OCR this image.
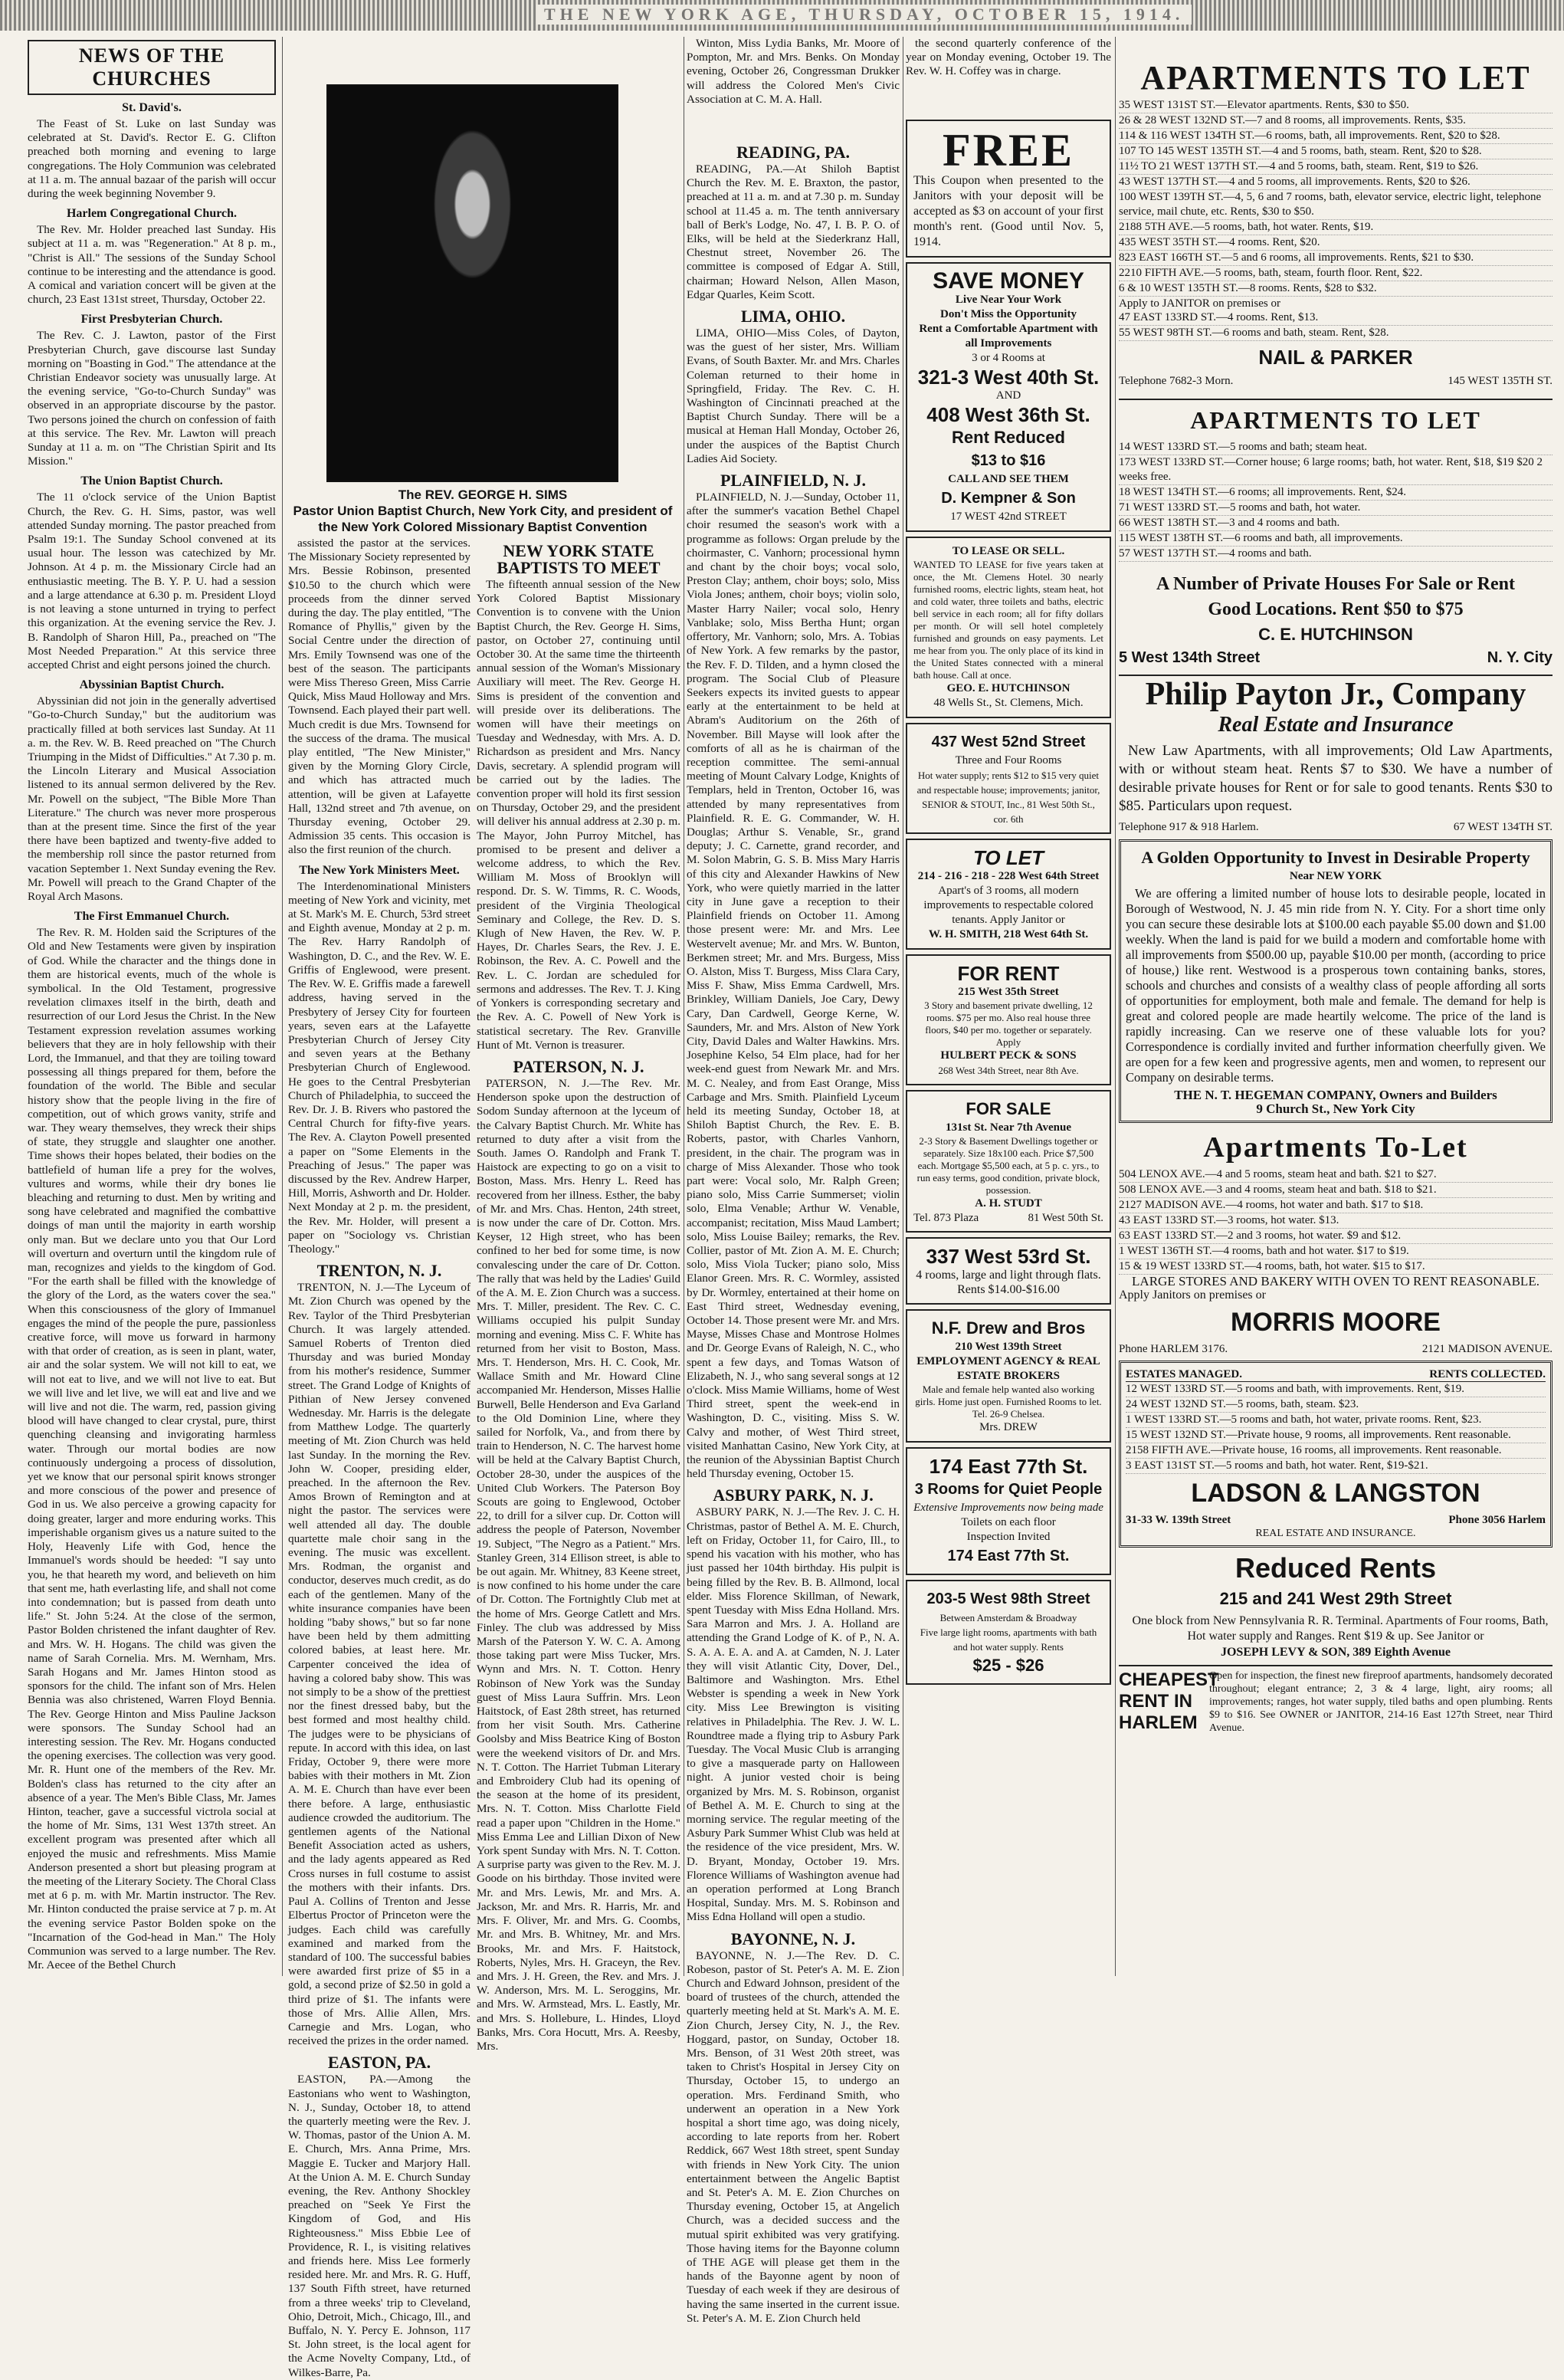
THE NEW YORK AGE, THURSDAY, OCTOBER 15, 1914.
NEWS OF THE CHURCHES
St. David's.

The Feast of St. Luke on last Sunday was celebrated at St. David's. Rector E. G. Clifton preached both morning and evening to large congregations. The Holy Communion was celebrated at 11 a. m. The annual bazaar of the parish will occur during the week beginning November 9.

Harlem Congregational Church.

The Rev. Mr. Holder preached last Sunday. His subject at 11 a. m. was "Regeneration." At 8 p. m., "Christ is All." The sessions of the Sunday School continue to be interesting and the attendance is good. A comical and variation concert will be given at the church, 23 East 131st street, Thursday, October 22.

First Presbyterian Church.

The Rev. C. J. Lawton, pastor of the First Presbyterian Church, gave discourse last Sunday morning on "Boasting in God." The attendance at the Christian Endeavor society was unusually large. At the evening service, "Go-to-Church Sunday" was observed in an appropriate discourse by the pastor. Two persons joined the church on confession of faith at this service. The Rev. Mr. Lawton will preach Sunday at 11 a. m. on "The Christian Spirit and Its Mission."

The Union Baptist Church.

The 11 o'clock service of the Union Baptist Church, the Rev. G. H. Sims, pastor, was well attended Sunday morning. The pastor preached from Psalm 19:1. The Sunday School convened at its usual hour. The lesson was catechized by Mr. Johnson. At 4 p. m. the Missionary Circle had an enthusiastic meeting. The B. Y. P. U. had a session and a large attendance at 6.30 p. m. President Lloyd is not leaving a stone unturned in trying to perfect this organization. At the evening service the Rev. J. B. Randolph of Sharon Hill, Pa., preached on "The Most Needed Preparation." At this service three accepted Christ and eight persons joined the church.

Abyssinian Baptist Church.

Abyssinian did not join in the generally advertised "Go-to-Church Sunday," but the auditorium was practically filled at both services last Sunday. At 11 a. m. the Rev. W. B. Reed preached on "The Church Triumping in the Midst of Difficulties." At 7.30 p. m. the Lincoln Literary and Musical Association listened to its annual sermon delivered by the Rev. Mr. Powell on the subject, "The Bible More Than Literature." The church was never more prosperous than at the present time. Since the first of the year there have been baptized and twenty-five added to the membership roll since the pastor returned from vacation September 1. Next Sunday evening the Rev. Mr. Powell will preach to the Grand Chapter of the Royal Arch Masons.

The First Emmanuel Church.

The Rev. R. M. Holden said the Scriptures of the Old and New Testaments were given by inspiration of God. While the character and the things done in them are historical events, much of the whole is symbolical. In the Old Testament, progressive revelation climaxes itself in the birth, death and resurrection of our Lord Jesus the Christ. In the New Testament expression revelation assumes working believers that they are in holy fellowship with their Lord, the Immanuel, and that they are toiling toward possessing all things prepared for them, before the foundation of the world. The Bible and secular history show that the people living in the fire of competition, out of which grows vanity, strife and war. They weary themselves, they wreck their ships of state, they struggle and slaughter one another. Time shows their hopes belated, their bodies on the battlefield of human life a prey for the wolves, vultures and worms, while their dry bones lie bleaching and returning to dust. Men by writing and song have celebrated and magnified the combattive doings of man until the majority in earth worship only man. But we declare unto you that Our Lord will overturn and overturn until the kingdom rule of man, recognizes and yields to the kingdom of God. "For the earth shall be filled with the knowledge of the glory of the Lord, as the waters cover the sea." When this consciousness of the glory of Immanuel engages the mind of the people the pure, passionless creative force, will move us forward in harmony with that order of creation, as is seen in plant, water, air and the solar system. We will not kill to eat, we will not eat to live, and we will not live to eat. But we will live and let live, we will eat and live and we will live and not die. The warm, red, passion giving blood will have changed to clear crystal, pure, thirst quenching cleansing and invigorating harmless water. Through our mortal bodies are now continuously undergoing a process of dissolution, yet we know that our personal spirit knows stronger and more conscious of the power and presence of God in us. We also perceive a growing capacity for doing greater, larger and more enduring works. This imperishable organism gives us a nature suited to the Holy, Heavenly Life with God, hence the Immanuel's words should be heeded: "I say unto you, he that heareth my word, and believeth on him that sent me, hath everlasting life, and shall not come into condemnation; but is passed from death unto life." St. John 5:24. At the close of the sermon, Pastor Bolden christened the infant daughter of Rev. and Mrs. W. H. Hogans. The child was given the name of Sarah Cornelia. Mrs. M. Wernham, Mrs. Sarah Hogans and Mr. James Hinton stood as sponsors for the child. The infant son of Mrs. Helen Bennia was also christened, Warren Floyd Bennia. The Rev. George Hinton and Miss Pauline Jackson were sponsors. The Sunday School had an interesting session. The Rev. Mr. Hogans conducted the opening exercises. The collection was very good. Mr. R. Hunt one of the members of the Rev. Mr. Bolden's class has returned to the city after an absence of a year. The Men's Bible Class, Mr. James Hinton, teacher, gave a successful victrola social at the home of Mr. Sims, 131 West 137th street. An excellent program was presented after which all enjoyed the music and refreshments. Miss Mamie Anderson presented a short but pleasing program at the meeting of the Literary Society. The Choral Class met at 6 p. m. with Mr. Martin instructor. The Rev. Mr. Hinton conducted the praise service at 7 p. m. At the evening service Pastor Bolden spoke on the "Incarnation of the God-head in Man." The Holy Communion was served to a large number. The Rev. Mr. Aecee of the Bethel Church

The REV. GEORGE H. SIMS
Pastor Union Baptist Church, New York City, and president of the New York Colored Missionary Baptist Convention

assisted the pastor at the services. The Missionary Society represented by Mrs. Bessie Robinson, presented $10.50 to the church which were proceeds from the dinner served during the day. The play entitled, "The Romance of Phyllis," given by the Social Centre under the direction of Mrs. Emily Townsend was one of the best of the season. The participants were Miss Thereso Green, Miss Carrie Quick, Miss Maud Holloway and Mrs. Townsend. Each played their part well. Much credit is due Mrs. Townsend for the success of the drama. The musical play entitled, "The New Minister," given by the Morning Glory Circle, and which has attracted much attention, will be given at Lafayette Hall, 132nd street and 7th avenue, on Thursday evening, October 29. Admission 35 cents. This occasion is also the first reunion of the church.

The New York Ministers Meet.

The Interdenominational Ministers meeting of New York and vicinity, met at St. Mark's M. E. Church, 53rd street and Eighth avenue, Monday at 2 p. m. The Rev. Harry Randolph of Washington, D. C., and the Rev. W. E. Griffis of Englewood, were present. The Rev. W. E. Griffis made a farewell address, having served in the Presbytery of Jersey City for fourteen years, seven ears at the Lafayette Presbyterian Church of Jersey City and seven years at the Bethany Presbyterian Church of Englewood. He goes to the Central Presbyterian Church of Philadelphia, to succeed the Rev. Dr. J. B. Rivers who pastored the Central Church for fifty-five years. The Rev. A. Clayton Powell presented a paper on "Some Elements in the Preaching of Jesus." The paper was discussed by the Rev. Andrew Harper, Hill, Morris, Ashworth and Dr. Holder. Next Monday at 2 p. m. the president, the Rev. Mr. Holder, will present a paper on "Sociology vs. Christian Theology."

TRENTON, N. J.

TRENTON, N. J.—The Lyceum of Mt. Zion Church was opened by the Rev. Taylor of the Third Presbyterian Church. It was largely attended. Samuel Roberts of Trenton died Thursday and was buried Monday from his mother's residence, Summer street. The Grand Lodge of Knights of Pithian of New Jersey convened Wednesday. Mr. Harris is the delegate from Matthew Lodge. The quarterly meeting of Mt. Zion Church was held last Sunday. In the morning the Rev. John W. Cooper, presiding elder, preached. In the afternoon the Rev. Amos Brown of Remington and at night the pastor. The services were well attended all day. The double quartette male choir sang in the evening. The music was excellent. Mrs. Rodman, the organist and conductor, deserves much credit, as do each of the gentlemen. Many of the white insurance companies have been holding "baby shows," but so far none have been held by them admitting colored babies, at least here. Mr. Carpenter conceived the idea of having a colored baby show. This was not simply to be a show of the prettiest nor the finest dressed baby, but the best formed and most healthy child. The judges were to be physicians of repute. In accord with this idea, on last Friday, October 9, there were more babies with their mothers in Mt. Zion A. M. E. Church than have ever been there before. A large, enthusiastic audience crowded the auditorium. The gentlemen agents of the National Benefit Association acted as ushers, and the lady agents appeared as Red Cross nurses in full costume to assist the mothers with their infants. Drs. Paul A. Collins of Trenton and Jesse Elbertus Proctor of Princeton were the judges. Each child was carefully examined and marked from the standard of 100. The successful babies were awarded first prize of $5 in a gold, a second prize of $2.50 in gold a third prize of $1. The infants were those of Mrs. Allie Allen, Mrs. Carnegie and Mrs. Logan, who received the prizes in the order named.

EASTON, PA.

EASTON, PA.—Among the Eastonians who went to Washington, N. J., Sunday, October 18, to attend the quarterly meeting were the Rev. J. W. Thomas, pastor of the Union A. M. E. Church, Mrs. Anna Prime, Mrs. Maggie E. Tucker and Marjory Hall. At the Union A. M. E. Church Sunday evening, the Rev. Anthony Shockley preached on "Seek Ye First the Kingdom of God, and His Righteousness." Miss Ebbie Lee of Providence, R. I., is visiting relatives and friends here. Miss Lee formerly resided here. Mr. and Mrs. R. G. Huff, 137 South Fifth street, have returned from a three weeks' trip to Cleveland, Ohio, Detroit, Mich., Chicago, Ill., and Buffalo, N. Y. Percy E. Johnson, 117 St. John street, is the local agent for the Acme Novelty Company, Ltd., of Wilkes-Barre, Pa.

Winton, Miss Lydia Banks, Mr. Moore of Pompton, Mr. and Mrs. Benks. On Monday evening, October 26, Congressman Drukker will address the Colored Men's Civic Association at C. M. A. Hall.

NEW YORK STATE BAPTISTS TO MEET

The fifteenth annual session of the New York Colored Baptist Missionary Convention is to convene with the Union Baptist Church, the Rev. George H. Sims, pastor, on October 27, continuing until October 30. At the same time the thirteenth annual session of the Woman's Missionary Auxiliary will meet. The Rev. George H. Sims is president of the convention and will preside over its deliberations. The women will have their meetings on Tuesday and Wednesday, with Mrs. A. D. Richardson as president and Mrs. Nancy Davis, secretary. A splendid program will be carried out by the ladies. The convention proper will hold its first session on Thursday, October 29, and the president will deliver his annual address at 2.30 p. m. The Mayor, John Purroy Mitchel, has promised to be present and deliver a welcome address, to which the Rev. William M. Moss of Brooklyn will respond. Dr. S. W. Timms, R. C. Woods, president of the Virginia Theological Seminary and College, the Rev. D. S. Klugh of New Haven, the Rev. W. P. Hayes, Dr. Charles Sears, the Rev. J. E. Robinson, the Rev. A. C. Powell and the Rev. L. C. Jordan are scheduled for sermons and addresses. The Rev. T. J. King of Yonkers is corresponding secretary and the Rev. A. C. Powell of New York is statistical secretary. The Rev. Granville Hunt of Mt. Vernon is treasurer.

PATERSON, N. J.

PATERSON, N. J.—The Rev. Mr. Henderson spoke upon the destruction of Sodom Sunday afternoon at the lyceum of the Calvary Baptist Church. Mr. White has returned to duty after a visit from the South. James O. Randolph and Frank T. Haistock are expecting to go on a visit to Boston, Mass. Mrs. Henry L. Reed has recovered from her illness. Esther, the baby of Mr. and Mrs. Chas. Henton, 24th street, is now under the care of Dr. Cotton. Mrs. Keyser, 12 High street, who has been confined to her bed for some time, is now convalescing under the care of Dr. Cotton. The rally that was held by the Ladies' Guild of the A. M. E. Zion Church was a success. Mrs. T. Miller, president. The Rev. C. C. Williams occupied his pulpit Sunday morning and evening. Miss C. F. White has returned from her visit to Boston, Mass. Mrs. T. Henderson, Mrs. H. C. Cook, Mr. Wallace Smith and Mr. Howard Cline accompanied Mr. Henderson, Misses Hallie Burwell, Belle Henderson and Eva Garland to the Old Dominion Line, where they sailed for Norfolk, Va., and from there by train to Henderson, N. C. The harvest home will be held at the Calvary Baptist Church, October 28-30, under the auspices of the United Club Workers. The Paterson Boy Scouts are going to Englewood, October 22, to drill for a silver cup. Dr. Cotton will address the people of Paterson, November 19. Subject, "The Negro as a Patient." Mrs. Stanley Green, 314 Ellison street, is able to be out again. Mr. Whitney, 83 Keene street, is now confined to his home under the care of Dr. Cotton. The Fortnightly Club met at the home of Mrs. George Catlett and Mrs. Finley. The club was addressed by Miss Marsh of the Paterson Y. W. C. A. Among those taking part were Miss Tucker, Mrs. Wynn and Mrs. N. T. Cotton. Henry Robinson of New York was the Sunday guest of Miss Laura Suffrin. Mrs. Leon Haitstock, of East 28th street, has returned from her visit South. Mrs. Catherine Goolsby and Miss Beatrice King of Boston were the weekend visitors of Dr. and Mrs. N. T. Cotton. The Harriet Tubman Literary and Embroidery Club had its opening of the season at the home of its president, Mrs. N. T. Cotton. Miss Charlotte Field read a paper upon "Children in the Home." Miss Emma Lee and Lillian Dixon of New York spent Sunday with Mrs. N. T. Cotton. A surprise party was given to the Rev. M. J. Goode on his birthday. Those invited were Mr. and Mrs. Lewis, Mr. and Mrs. A. Jackson, Mr. and Mrs. R. Harris, Mr. and Mrs. F. Oliver, Mr. and Mrs. G. Coombs, Mr. and Mrs. B. Whitney, Mr. and Mrs. Brooks, Mr. and Mrs. F. Haitstock, Roberts, Nyles, Mrs. H. Graceyn, the Rev. and Mrs. J. H. Green, the Rev. and Mrs. J. W. Anderson, Mrs. M. L. Seroggins, Mr. and Mrs. W. Armstead, Mrs. L. Eastly, Mr. and Mrs. S. Hollebure, L. Hindes, Lloyd Banks, Mrs. Cora Hocutt, Mrs. A. Reesby, Mrs.

READING, PA.

READING, PA.—At Shiloh Baptist Church the Rev. M. E. Braxton, the pastor, preached at 11 a. m. and at 7.30 p. m. Sunday school at 11.45 a. m. The tenth anniversary ball of Berk's Lodge, No. 47, I. B. P. O. of Elks, will be held at the Siederkranz Hall, Chestnut street, November 26. The committee is composed of Edgar A. Still, chairman; Howard Nelson, Allen Mason, Edgar Quarles, Keim Scott.

LIMA, OHIO.

LIMA, OHIO—Miss Coles, of Dayton, was the guest of her sister, Mrs. William Evans, of South Baxter. Mr. and Mrs. Charles Coleman returned to their home in Springfield, Friday. The Rev. C. H. Washington of Cincinnati preached at the Baptist Church Sunday. There will be a musical at Heman Hall Monday, October 26, under the auspices of the Baptist Church Ladies Aid Society.

PLAINFIELD, N. J.

PLAINFIELD, N. J.—Sunday, October 11, after the summer's vacation Bethel Chapel choir resumed the season's work with a programme as follows: Organ prelude by the choirmaster, C. Vanhorn; processional hymn and chant by the choir boys; vocal solo, Preston Clay; anthem, choir boys; solo, Miss Viola Jones; anthem, choir boys; violin solo, Master Harry Nailer; vocal solo, Henry Vanblake; solo, Miss Bertha Hunt; organ offertory, Mr. Vanhorn; solo, Mrs. A. Tobias of New York. A few remarks by the pastor, the Rev. F. D. Tilden, and a hymn closed the program. The Social Club of Pleasure Seekers expects its invited guests to appear early at the entertainment to be held at Abram's Auditorium on the 26th of November. Bill Mayse will look after the comforts of all as he is chairman of the reception committee. The semi-annual meeting of Mount Calvary Lodge, Knights of Templars, held in Trenton, October 16, was attended by many representatives from Plainfield. R. E. G. Commander, W. H. Douglas; Arthur S. Venable, Sr., grand deputy; J. C. Carnette, grand recorder, and M. Solon Mabrin, G. S. B. Miss Mary Harris of this city and Alexander Hawkins of New York, who were quietly married in the latter city in June gave a reception to their Plainfield friends on October 11. Among those present were: Mr. and Mrs. Lee Westervelt avenue; Mr. and Mrs. W. Bunton, Berkmen street; Mr. and Mrs. Burgess, Miss O. Alston, Miss T. Burgess, Miss Clara Cary, Miss F. Shaw, Miss Emma Cardwell, Mrs. Brinkley, William Daniels, Joe Cary, Dewy Cary, Dan Cardwell, George Kerne, W. Saunders, Mr. and Mrs. Alston of New York City, David Dales and Walter Hawkins. Mrs. Josephine Kelso, 54 Elm place, had for her week-end guest from Newark Mr. and Mrs. M. C. Nealey, and from East Orange, Miss Carbage and Mrs. Smith. Plainfield Lyceum held its meeting Sunday, October 18, at Shiloh Baptist Church, the Rev. E. B. Roberts, pastor, with Charles Vanhorn, president, in the chair. The program was in charge of Miss Alexander. Those who took part were: Vocal solo, Mr. Ralph Green; piano solo, Miss Carrie Summerset; violin solo, Elma Venable; Arthur W. Venable, accompanist; recitation, Miss Maud Lambert; solo, Miss Louise Bailey; remarks, the Rev. Collier, pastor of Mt. Zion A. M. E. Church; solo, Miss Viola Tucker; piano solo, Miss Elanor Green. Mrs. R. C. Wormley, assisted by Dr. Wormley, entertained at their home on East Third street, Wednesday evening, October 14. Those present were Mr. and Mrs. Mayse, Misses Chase and Montrose Holmes and Dr. George Evans of Raleigh, N. C., who spent a few days, and Tomas Watson of Elizabeth, N. J., who sang several songs at 12 o'clock. Miss Mamie Williams, home of West Third street, spent the week-end in Washington, D. C., visiting. Miss S. W. Calvy and mother, of West Third street, visited Manhattan Casino, New York City, at the reunion of the Abyssinian Baptist Church held Thursday evening, October 15.

ASBURY PARK, N. J.

ASBURY PARK, N. J.—The Rev. J. C. H. Christmas, pastor of Bethel A. M. E. Church, left on Friday, October 11, for Cairo, Ill., to spend his vacation with his mother, who has just passed her 104th birthday. His pulpit is being filled by the Rev. B. B. Allmond, local elder. Miss Florence Skillman, of Newark, spent Tuesday with Miss Edna Holland. Mrs. Sara Marron and Mrs. J. A. Holland are attending the Grand Lodge of K. of P., N. A. S. A. A. E. A. and A. at Camden, N. J. Later they will visit Atlantic City, Dover, Del., Baltimore and Washington. Mrs. Ethel Webster is spending a week in New York city. Miss Lee Brewington is visiting relatives in Philadelphia. The Rev. J. W. L. Roundtree made a flying trip to Asbury Park Tuesday. The Vocal Music Club is arranging to give a masquerade party on Halloween night. A junior vested choir is being organized by Mrs. M. S. Robinson, organist of Bethel A. M. E. Church to sing at the morning service. The regular meeting of the Asbury Park Summer Whist Club was held at the residence of the vice president, Mrs. W. D. Bryant, Monday, October 19. Mrs. Florence Williams of Washington avenue had an operation performed at Long Branch Hospital, Sunday. Mrs. M. S. Robinson and Miss Edna Holland will open a studio.

BAYONNE, N. J.

BAYONNE, N. J.—The Rev. D. C. Robeson, pastor of St. Peter's A. M. E. Zion Church and Edward Johnson, president of the board of trustees of the church, attended the quarterly meeting held at St. Mark's A. M. E. Zion Church, Jersey City, N. J., the Rev. Hoggard, pastor, on Sunday, October 18. Mrs. Benson, of 31 West 20th street, was taken to Christ's Hospital in Jersey City on Thursday, October 15, to undergo an operation. Mrs. Ferdinand Smith, who underwent an operation in a New York hospital a short time ago, was doing nicely, according to late reports from her. Robert Reddick, 667 West 18th street, spent Sunday with friends in New York City. The union entertainment between the Angelic Baptist and St. Peter's A. M. E. Zion Churches on Thursday evening, October 15, at Angelich Church, was a decided success and the mutual spirit exhibited was very gratifying. Those having items for the Bayonne column of THE AGE will please get them in the hands of the Bayonne agent by noon of Tuesday of each week if they are desirous of having the same inserted in the current issue. St. Peter's A. M. E. Zion Church held

the second quarterly conference of the year on Monday evening, October 19. The Rev. W. H. Coffey was in charge.

FREE
This Coupon when presented to the Janitors with your deposit will be accepted as $3 on account of your first month's rent. (Good until Nov. 5, 1914.
SAVE MONEY
Live Near Your Work
Don't Miss the Opportunity
Rent a Comfortable Apartment with all Improvements
3 or 4 Rooms at
321-3 West 40th St.
AND
408 West 36th St.
Rent Reduced
$13 to $16
CALL AND SEE THEM
D. Kempner & Son
17 WEST 42nd STREET
TO LEASE OR SELL.
WANTED TO LEASE for five years taken at once, the Mt. Clemens Hotel. 30 nearly furnished rooms, electric lights, steam heat, hot and cold water, three toilets and baths, electric bell service in each room; all for fifty dollars per month. Or will sell hotel completely furnished and grounds on easy payments. Let me hear from you. The only place of its kind in the United States connected with a mineral bath house. Call at once.
GEO. E. HUTCHINSON
48 Wells St., St. Clemens, Mich.
437 West 52nd Street
Three and Four Rooms
Hot water supply; rents $12 to $15 very quiet and respectable house; improvements; janitor, SENIOR & STOUT, Inc., 81 West 50th St., cor. 6th
TO LET
214 - 216 - 218 - 228 West 64th Street
Apart's of 3 rooms, all modern improvements to respectable colored tenants. Apply Janitor or
W. H. SMITH, 218 West 64th St.
FOR RENT
215 West 35th Street
3 Story and basement private dwelling, 12 rooms. $75 per mo. Also real house three floors, $40 per mo. together or separately. Apply
HULBERT PECK & SONS
268 West 34th Street, near 8th Ave.
FOR SALE
131st St. Near 7th Avenue
2-3 Story & Basement Dwellings together or separately. Size 18x100 each. Price $7,500 each. Mortgage $5,500 each, at 5 p. c. yrs., to run easy terms, good condition, private block, possession.
A. H. STUDT
Tel. 873 Plaza	81 West 50th St.
337 West 53rd St.
4 rooms, large and light through flats. Rents $14.00-$16.00
N.F. Drew and Bros
210 West 139th Street
EMPLOYMENT AGENCY & REAL ESTATE BROKERS
Male and female help wanted also working girls. Home just open. Furnished Rooms to let. Tel. 26-9 Chelsea.
Mrs. DREW
174 East 77th St.
3 Rooms for Quiet People
Extensive Improvements now being made
Toilets on each floor
Inspection Invited
174 East 77th St.
203-5 West 98th Street
Between Amsterdam & Broadway
Five large light rooms, apartments with bath and hot water supply. Rents
$25 - $26
APARTMENTS TO LET
35 WEST 131ST ST.—Elevator apartments. Rents, $30 to $50.
26 & 28 WEST 132ND ST.—7 and 8 rooms, all improvements. Rents, $35.
114 & 116 WEST 134TH ST.—6 rooms, bath, all improvements. Rent, $20 to $28.
107 TO 145 WEST 135TH ST.—4 and 5 rooms, bath, steam. Rent, $20 to $28.
11½ TO 21 WEST 137TH ST.—4 and 5 rooms, bath, steam. Rent, $19 to $26.
43 WEST 137TH ST.—4 and 5 rooms, all improvements. Rents, $20 to $26.
100 WEST 139TH ST.—4, 5, 6 and 7 rooms, bath, elevator service, electric light, telephone service, mail chute, etc. Rents, $30 to $50.
2188 5TH AVE.—5 rooms, bath, hot water. Rents, $19.
435 WEST 35TH ST.—4 rooms. Rent, $20.
823 EAST 166TH ST.—5 and 6 rooms, all improvements. Rents, $21 to $30.
2210 FIFTH AVE.—5 rooms, bath, steam, fourth floor. Rent, $22.
6 & 10 WEST 135TH ST.—8 rooms. Rents, $28 to $32.
Apply to JANITOR on premises or
47 EAST 133RD ST.—4 rooms. Rent, $13.
55 WEST 98TH ST.—6 rooms and bath, steam. Rent, $28.
NAIL & PARKER
Telephone 7682-3 Morn.	145 WEST 135TH ST.
APARTMENTS TO LET
14 WEST 133RD ST.—5 rooms and bath; steam heat.
173 WEST 133RD ST.—Corner house; 6 large rooms; bath, hot water. Rent, $18, $19 $20 2 weeks free.
18 WEST 134TH ST.—6 rooms; all improvements. Rent, $24.
71 WEST 133RD ST.—5 rooms and bath, hot water.
66 WEST 138TH ST.—3 and 4 rooms and bath.
115 WEST 138TH ST.—6 rooms and bath, all improvements.
57 WEST 137TH ST.—4 rooms and bath.
A Number of Private Houses For Sale or Rent
Good Locations. Rent $50 to $75
C. E. HUTCHINSON
5 West 134th Street	N. Y. City
Philip Payton Jr., Company
Real Estate and Insurance

New Law Apartments, with all improvements; Old Law Apartments, with or without steam heat. Rents $7 to $30. We have a number of desirable private houses for Rent or for sale to good tenants. Rents $30 to $85. Particulars upon request.

Telephone 917 & 918 Harlem.	67 WEST 134TH ST.
A Golden Opportunity to Invest in Desirable Property
Near NEW YORK

We are offering a limited number of house lots to desirable people, located in Borough of Westwood, N. J. 45 min ride from N. Y. City. For a short time only you can secure these desirable lots at $100.00 each payable $5.00 down and $1.00 weekly. When the land is paid for we build a modern and comfortable home with all improvements from $500.00 up, payable $10.00 per month, (according to price of house,) like rent. Westwood is a prosperous town containing banks, stores, schools and churches and consists of a wealthy class of people affording all sorts of opportunities for employment, both male and female. The demand for help is great and colored people are made heartily welcome. The price of the land is rapidly increasing. Can we reserve one of these valuable lots for you? Correspondence is cordially invited and further information cheerfully given. We are open for a few keen and progressive agents, men and women, to represent our Company on desirable terms.

THE N. T. HEGEMAN COMPANY, Owners and Builders
9 Church St., New York City
Apartments To-Let
504 LENOX AVE.—4 and 5 rooms, steam heat and bath. $21 to $27.
508 LENOX AVE.—3 and 4 rooms, steam heat and bath. $18 to $21.
2127 MADISON AVE.—4 rooms, hot water and bath. $17 to $18.
43 EAST 133RD ST.—3 rooms, hot water. $13.
63 EAST 133RD ST.—2 and 3 rooms, hot water. $9 and $12.
1 WEST 136TH ST.—4 rooms, bath and hot water. $17 to $19.
15 & 19 WEST 133RD ST.—4 rooms, bath, hot water. $15 to $17.
LARGE STORES AND BAKERY WITH OVEN TO RENT REASONABLE.
Apply Janitors on premises or
MORRIS MOORE
Phone HARLEM 3176.	2121 MADISON AVENUE.
ESTATES MANAGED.	RENTS COLLECTED.
12 WEST 133RD ST.—5 rooms and bath, with improvements. Rent, $19.
24 WEST 132ND ST.—5 rooms, bath, steam. $23.
1 WEST 133RD ST.—5 rooms and bath, hot water, private rooms. Rent, $23.
15 WEST 132ND ST.—Private house, 9 rooms, all improvements. Rent reasonable.
2158 FIFTH AVE.—Private house, 16 rooms, all improvements. Rent reasonable.
3 EAST 131ST ST.—5 rooms and bath, hot water. Rent, $19-$21.
LADSON & LANGSTON
31-33 W. 139th Street	Phone 3056 Harlem
REAL ESTATE AND INSURANCE.
Reduced Rents
215 and 241 West 29th Street

One block from New Pennsylvania R. R. Terminal. Apartments of Four rooms, Bath, Hot water supply and Ranges. Rent $19 & up. See Janitor or

JOSEPH LEVY & SON, 389 Eighth Avenue
CHEAPEST RENT IN HARLEM
Open for inspection, the finest new fireproof apartments, handsomely decorated throughout; elegant entrance; 2, 3 & 4 large, light, airy rooms; all improvements; ranges, hot water supply, tiled baths and open plumbing. Rents $9 to $16. See OWNER or JANITOR, 214-16 East 127th Street, near Third Avenue.
